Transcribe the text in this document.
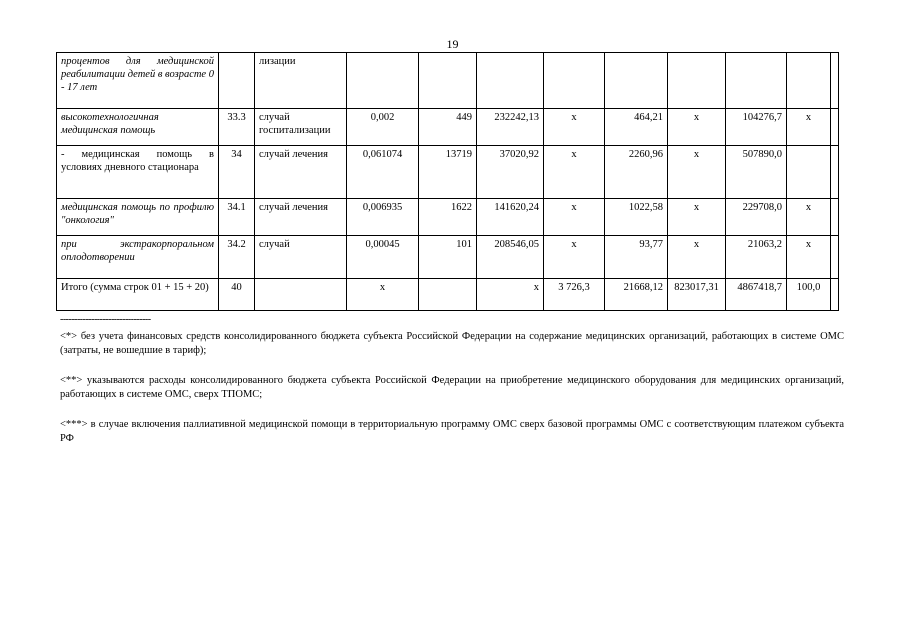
19
процентов для медицинской реабилитации детей в возрасте 0 - 17 лет		лизации									
высокотехнологичная медицинская помощь	33.3	случай госпитализации	0,002	449	232242,13	x	464,21	x	104276,7	x	
- медицинская помощь в условиях дневного стационара	34	случай лечения	0,061074	13719	37020,92	x	2260,96	x	507890,0		
медицинская помощь по профилю "онкология"	34.1	случай лечения	0,006935	1622	141620,24	x	1022,58	x	229708,0	x	
при экстракорпоральном оплодотворении	34.2	случай	0,00045	101	208546,05	x	93,77	x	21063,2	x	
Итого (сумма строк 01 + 15 + 20)	40		x		x	3 726,3	21668,12	823017,31	4867418,7	100,0	
--------------------------------

<*> без учета финансовых средств консолидированного бюджета субъекта Российской Федерации на содержание медицинских организаций, работающих в системе ОМС (затраты, не вошедшие в тариф);

<**> указываются расходы консолидированного бюджета субъекта Российской Федерации на приобретение медицинского оборудования для медицинских организаций, работающих в системе ОМС, сверх ТПОМС;

<***> в случае включения паллиативной медицинской помощи в территориальную программу ОМС сверх базовой программы ОМС с соответствующим платежом субъекта РФ
